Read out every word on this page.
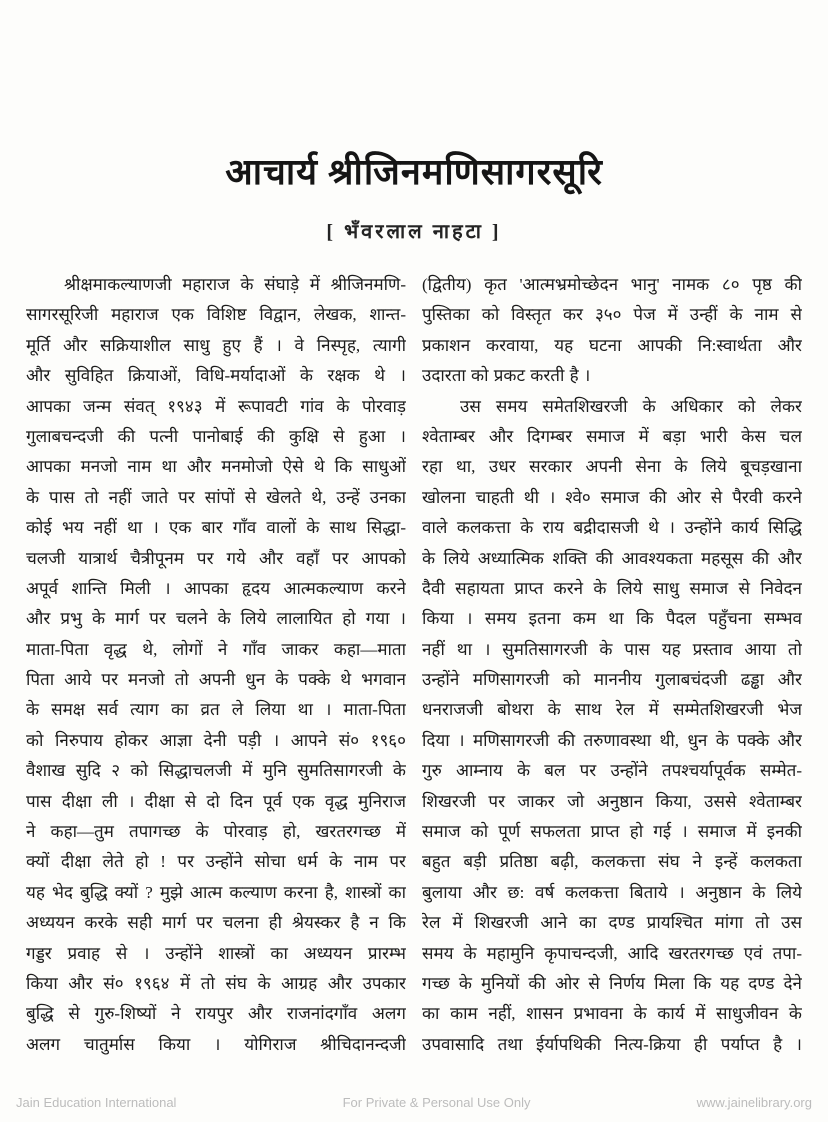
आचार्य श्रीजिनमणिसागरसूरि
[ भँवरलाल नाहटा ]
श्रीक्षमाकल्याणजी महाराज के संघाड़े में श्रीजिनमणि-
सागरसूरिजी महाराज एक विशिष्ट विद्वान, लेखक, शान्त-
मूर्ति और सक्रियाशील साधु हुए हैं । वे निस्पृह, त्यागी
और सुविहित क्रियाओं, विधि-मर्यादाओं के रक्षक थे ।
आपका जन्म संवत् १९४३ में रूपावटी गांव के पोरवाड़
गुलाबचन्दजी की पत्नी पानोबाई की कुक्षि से हुआ ।
आपका मनजो नाम था और मनमोजो ऐसे थे कि साधुओं
के पास तो नहीं जाते पर सांपों से खेलते थे, उन्हें उनका
कोई भय नहीं था । एक बार गाँव वालों के साथ सिद्धा-
चलजी यात्रार्थ चैत्रीपूनम पर गये और वहाँ पर आपको
अपूर्व शान्ति मिली । आपका हृदय आत्मकल्याण करने
और प्रभु के मार्ग पर चलने के लिये लालायित हो गया ।
माता-पिता वृद्ध थे, लोगों ने गाँव जाकर कहा—माता
पिता आये पर मनजो तो अपनी धुन के पक्के थे भगवान
के समक्ष सर्व त्याग का व्रत ले लिया था । माता-पिता
को निरुपाय होकर आज्ञा देनी पड़ी । आपने सं० १९६०
वैशाख सुदि २ को सिद्धाचलजी में मुनि सुमतिसागरजी के
पास दीक्षा ली । दीक्षा से दो दिन पूर्व एक वृद्ध मुनिराज
ने कहा—तुम तपागच्छ के पोरवाड़ हो, खरतरगच्छ में
क्यों दीक्षा लेते हो ! पर उन्होंने सोचा धर्म के नाम पर
यह भेद बुद्धि क्यों ? मुझे आत्म कल्याण करना है, शास्त्रों का
अध्ययन करके सही मार्ग पर चलना ही श्रेयस्कर है न कि
गड्डर प्रवाह से । उन्होंने शास्त्रों का अध्ययन प्रारम्भ
किया और सं० १९६४ में तो संघ के आग्रह और उपकार
बुद्धि से गुरु-शिष्यों ने रायपुर और राजनांदगाँव अलग
अलग चातुर्मास किया । योगिराज श्रीचिदानन्दजी
(द्वितीय) कृत 'आत्मभ्रमोच्छेदन भानु' नामक ८० पृष्ठ की
पुस्तिका को विस्तृत कर ३५० पेज में उन्हीं के नाम से
प्रकाशन करवाया, यह घटना आपकी नि:स्वार्थता और
उदारता को प्रकट करती है ।
उस समय समेतशिखरजी के अधिकार को लेकर
श्वेताम्बर और दिगम्बर समाज में बड़ा भारी केस चल
रहा था, उधर सरकार अपनी सेना के लिये बूचड़खाना
खोलना चाहती थी । श्वे० समाज की ओर से पैरवी करने
वाले कलकत्ता के राय बद्रीदासजी थे । उन्होंने कार्य सिद्धि
के लिये अध्यात्मिक शक्ति की आवश्यकता महसूस की और
दैवी सहायता प्राप्त करने के लिये साधु समाज से निवेदन
किया । समय इतना कम था कि पैदल पहुँचना सम्भव
नहीं था । सुमतिसागरजी के पास यह प्रस्ताव आया तो
उन्होंने मणिसागरजी को माननीय गुलाबचंदजी ढड्ढा और
धनराजजी बोथरा के साथ रेल में सम्मेतशिखरजी भेज
दिया । मणिसागरजी की तरुणावस्था थी, धुन के पक्के और
गुरु आम्नाय के बल पर उन्होंने तपश्चर्यापूर्वक सम्मेत-
शिखरजी पर जाकर जो अनुष्ठान किया, उससे श्वेताम्बर
समाज को पूर्ण सफलता प्राप्त हो गई । समाज में इनकी
बहुत बड़ी प्रतिष्ठा बढ़ी, कलकत्ता संघ ने इन्हें कलकता
बुलाया और छ: वर्ष कलकत्ता बिताये । अनुष्ठान के लिये
रेल में शिखरजी आने का दण्ड प्रायश्चित मांगा तो उस
समय के महामुनि कृपाचन्दजी, आदि खरतरगच्छ एवं तपा-
गच्छ के मुनियों की ओर से निर्णय मिला कि यह दण्ड देने
का काम नहीं, शासन प्रभावना के कार्य में साधुजीवन के
उपवासादि तथा ईर्यापथिकी नित्य-क्रिया ही पर्याप्त है ।
Jain Education International	For Private & Personal Use Only	www.jainelibrary.org
